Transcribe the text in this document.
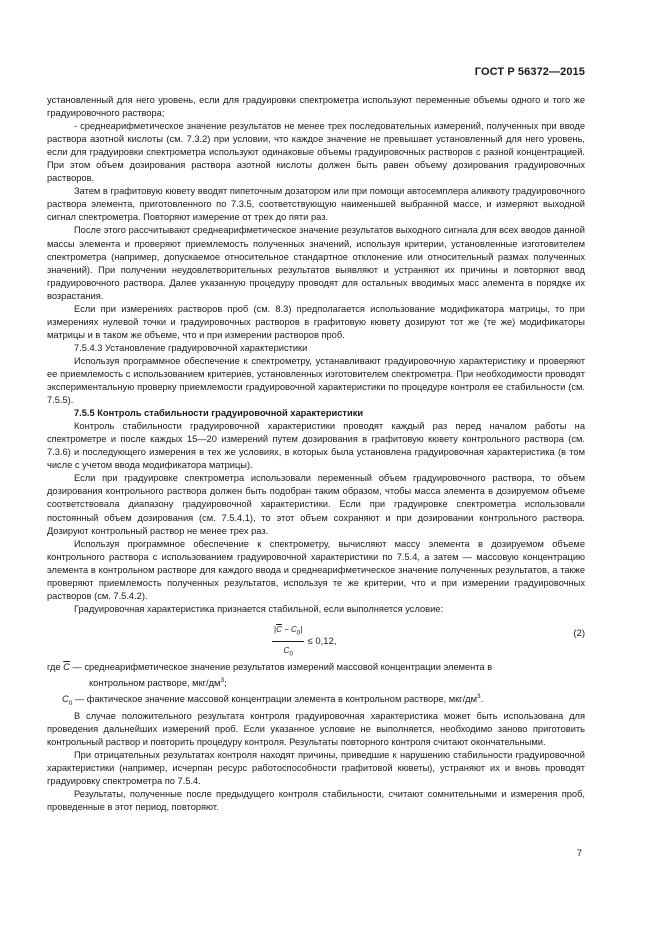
ГОСТ Р 56372—2015

установленный для него уровень, если для градуировки спектрометра используют переменные объемы одного и того же градуировочного раствора;

- среднеарифметическое значение результатов не менее трех последовательных измерений, полученных при вводе раствора азотной кислоты (см. 7.3.2) при условии, что каждое значение не превышает установленный для него уровень, если для градуировки спектрометра используют одинаковые объемы градуировочных растворов с разной концентрацией. При этом объем дозирования раствора азотной кислоты должен быть равен объему дозирования градуировочных растворов.

Затем в графитовую кювету вводят пипеточным дозатором или при помощи автосемплера аликвоту градуировочного раствора элемента, приготовленного по 7.3.5, соответствующую наименьшей выбранной массе, и измеряют выходной сигнал спектрометра. Повторяют измерение от трех до пяти раз.

После этого рассчитывают среднеарифметическое значение результатов выходного сигнала для всех вводов данной массы элемента и проверяют приемлемость полученных значений, используя критерии, установленные изготовителем спектрометра (например, допускаемое относительное стандартное отклонение или относительный размах полученных значений). При получении неудовлетворительных результатов выявляют и устраняют их причины и повторяют ввод градуировочного раствора. Далее указанную процедуру проводят для остальных вводимых масс элемента в порядке их возрастания.

Если при измерениях растворов проб (см. 8.3) предполагается использование модификатора матрицы, то при измерениях нулевой точки и градуировочных растворов в графитовую кювету дозируют тот же (те же) модификаторы матрицы и в таком же объеме, что и при измерении растворов проб.

7.5.4.3 Установление градуировочной характеристики

Используя программное обеспечение к спектрометру, устанавливают градуировочную характеристику и проверяют ее приемлемость с использованием критериев, установленных изготовителем спектрометра. При необходимости проводят экспериментальную проверку приемлемости градуировочной характеристики по процедуре контроля ее стабильности (см. 7.5.5).

7.5.5 Контроль стабильности градуировочной характеристики

Контроль стабильности градуировочной характеристики проводят каждый раз перед началом работы на спектрометре и после каждых 15—20 измерений путем дозирования в графитовую кювету контрольного раствора (см. 7.3.6) и последующего измерения в тех же условиях, в которых была установлена градуировочная характеристика (в том числе с учетом ввода модификатора матрицы).

Если при градуировке спектрометра использовали переменный объем градуировочного раствора, то объем дозирования контрольного раствора должен быть подобран таким образом, чтобы масса элемента в дозируемом объеме соответствовала диапазону градуировочной характеристики. Если при градуировке спектрометра использовали постоянный объем дозирования (см. 7.5.4.1), то этот объем сохраняют и при дозировании контрольного раствора. Дозируют контрольный раствор не менее трех раз.

Используя программное обеспечение к спектрометру, вычисляют массу элемента в дозируемом объеме контрольного раствора с использованием градуировочной характеристики по 7.5.4, а затем — массовую концентрацию элемента в контрольном растворе для каждого ввода и среднеарифметическое значение полученных результатов, а также проверяют приемлемость полученных результатов, используя те же критерии, что и при измерении градуировочных растворов (см. 7.5.4.2).

Градуировочная характеристика признается стабильной, если выполняется условие:

$\frac{|\overline{C} - C_0|}{C_0} \le 0,12$,
(2)

где $\overline{C}$ — среднеарифметическое значение результатов измерений массовой концентрации элемента в

контрольном растворе, мкг/$дм^3$;

$C_0$ — фактическое значение массовой концентрации элемента в контрольном растворе, мкг/$дм^3$.

В случае положительного результата контроля градуировочная характеристика может быть использована для проведения дальнейших измерений проб. Если указанное условие не выполняется, необходимо заново приготовить контрольный раствор и повторить процедуру контроля. Результаты повторного контроля считают окончательными.

При отрицательных результатах контроля находят причины, приведшие к нарушению стабильности градуировочной характеристики (например, исчерпан ресурс работоспособности графитовой кюветы), устраняют их и вновь проводят градуировку спектрометра по 7.5.4.

Результаты, полученные после предыдущего контроля стабильности, считают сомнительными и измерения проб, проведенные в этот период, повторяют.

7
